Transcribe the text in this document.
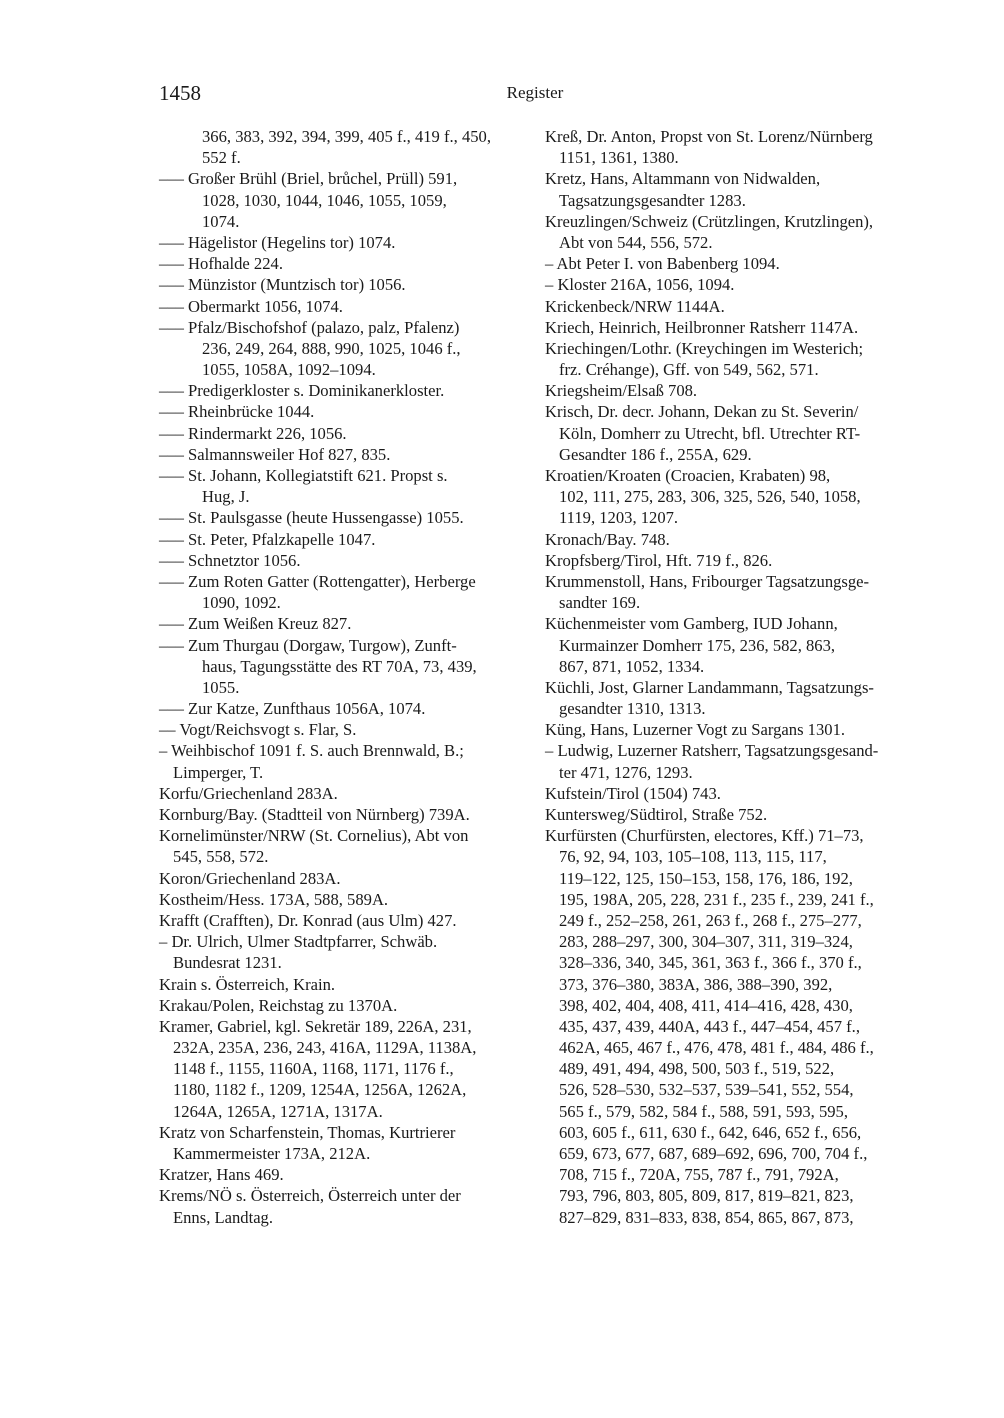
1458	Register
366, 383, 392, 394, 399, 405 f., 419 f., 450,
552 f.
––– Großer Brühl (Briel, brůchel, Prüll) 591,
1028, 1030, 1044, 1046, 1055, 1059,
1074.
––– Hägelistor (Hegelins tor) 1074.
––– Hofhalde 224.
––– Münzistor (Muntzisch tor) 1056.
––– Obermarkt 1056, 1074.
––– Pfalz/Bischofshof (palazo, palz, Pfalenz)
236, 249, 264, 888, 990, 1025, 1046 f.,
1055, 1058A, 1092–1094.
––– Predigerkloster s. Dominikanerkloster.
––– Rheinbrücke 1044.
––– Rindermarkt 226, 1056.
––– Salmannsweiler Hof 827, 835.
––– St. Johann, Kollegiatstift 621. Propst s.
Hug, J.
––– St. Paulsgasse (heute Hussengasse) 1055.
––– St. Peter, Pfalzkapelle 1047.
––– Schnetztor 1056.
––– Zum Roten Gatter (Rottengatter), Herberge
1090, 1092.
––– Zum Weißen Kreuz 827.
––– Zum Thurgau (Dorgaw, Turgow), Zunft-
haus, Tagungsstätte des RT 70A, 73, 439,
1055.
––– Zur Katze, Zunfthaus 1056A, 1074.
–– Vogt/Reichsvogt s. Flar, S.
– Weihbischof 1091 f. S. auch Brennwald, B.;
Limperger, T.
Korfu/Griechenland 283A.
Kornburg/Bay. (Stadtteil von Nürnberg) 739A.
Kornelimünster/NRW (St. Cornelius), Abt von
545, 558, 572.
Koron/Griechenland 283A.
Kostheim/Hess. 173A, 588, 589A.
Krafft (Crafften), Dr. Konrad (aus Ulm) 427.
– Dr. Ulrich, Ulmer Stadtpfarrer, Schwäb.
Bundesrat 1231.
Krain s. Österreich, Krain.
Krakau/Polen, Reichstag zu 1370A.
Kramer, Gabriel, kgl. Sekretär 189, 226A, 231,
232A, 235A, 236, 243, 416A, 1129A, 1138A,
1148 f., 1155, 1160A, 1168, 1171, 1176 f.,
1180, 1182 f., 1209, 1254A, 1256A, 1262A,
1264A, 1265A, 1271A, 1317A.
Kratz von Scharfenstein, Thomas, Kurtrierer
Kammermeister 173A, 212A.
Kratzer, Hans 469.
Krems/NÖ s. Österreich, Österreich unter der
Enns, Landtag.
Kreß, Dr. Anton, Propst von St. Lorenz/Nürnberg
1151, 1361, 1380.
Kretz, Hans, Altammann von Nidwalden,
Tagsatzungsgesandter 1283.
Kreuzlingen/Schweiz (Crützlingen, Krutzlingen),
Abt von 544, 556, 572.
– Abt Peter I. von Babenberg 1094.
– Kloster 216A, 1056, 1094.
Krickenbeck/NRW 1144A.
Kriech, Heinrich, Heilbronner Ratsherr 1147A.
Kriechingen/Lothr. (Kreychingen im Westerich;
frz. Créhange), Gff. von 549, 562, 571.
Kriegsheim/Elsaß 708.
Krisch, Dr. decr. Johann, Dekan zu St. Severin/
Köln, Domherr zu Utrecht, bfl. Utrechter RT-
Gesandter 186 f., 255A, 629.
Kroatien/Kroaten (Croacien, Krabaten) 98,
102, 111, 275, 283, 306, 325, 526, 540, 1058,
1119, 1203, 1207.
Kronach/Bay. 748.
Kropfsberg/Tirol, Hft. 719 f., 826.
Krummenstoll, Hans, Fribourger Tagsatzungsge-
sandter 169.
Küchenmeister vom Gamberg, IUD Johann,
Kurmainzer Domherr 175, 236, 582, 863,
867, 871, 1052, 1334.
Küchli, Jost, Glarner Landammann, Tagsatzungs-
gesandter 1310, 1313.
Küng, Hans, Luzerner Vogt zu Sargans 1301.
– Ludwig, Luzerner Ratsherr, Tagsatzungsgesand-
ter 471, 1276, 1293.
Kufstein/Tirol (1504) 743.
Kuntersweg/Südtirol, Straße 752.
Kurfürsten (Churfürsten, electores, Kff.) 71–73,
76, 92, 94, 103, 105–108, 113, 115, 117,
119–122, 125, 150–153, 158, 176, 186, 192,
195, 198A, 205, 228, 231 f., 235 f., 239, 241 f.,
249 f., 252–258, 261, 263 f., 268 f., 275–277,
283, 288–297, 300, 304–307, 311, 319–324,
328–336, 340, 345, 361, 363 f., 366 f., 370 f.,
373, 376–380, 383A, 386, 388–390, 392,
398, 402, 404, 408, 411, 414–416, 428, 430,
435, 437, 439, 440A, 443 f., 447–454, 457 f.,
462A, 465, 467 f., 476, 478, 481 f., 484, 486 f.,
489, 491, 494, 498, 500, 503 f., 519, 522,
526, 528–530, 532–537, 539–541, 552, 554,
565 f., 579, 582, 584 f., 588, 591, 593, 595,
603, 605 f., 611, 630 f., 642, 646, 652 f., 656,
659, 673, 677, 687, 689–692, 696, 700, 704 f.,
708, 715 f., 720A, 755, 787 f., 791, 792A,
793, 796, 803, 805, 809, 817, 819–821, 823,
827–829, 831–833, 838, 854, 865, 867, 873,
